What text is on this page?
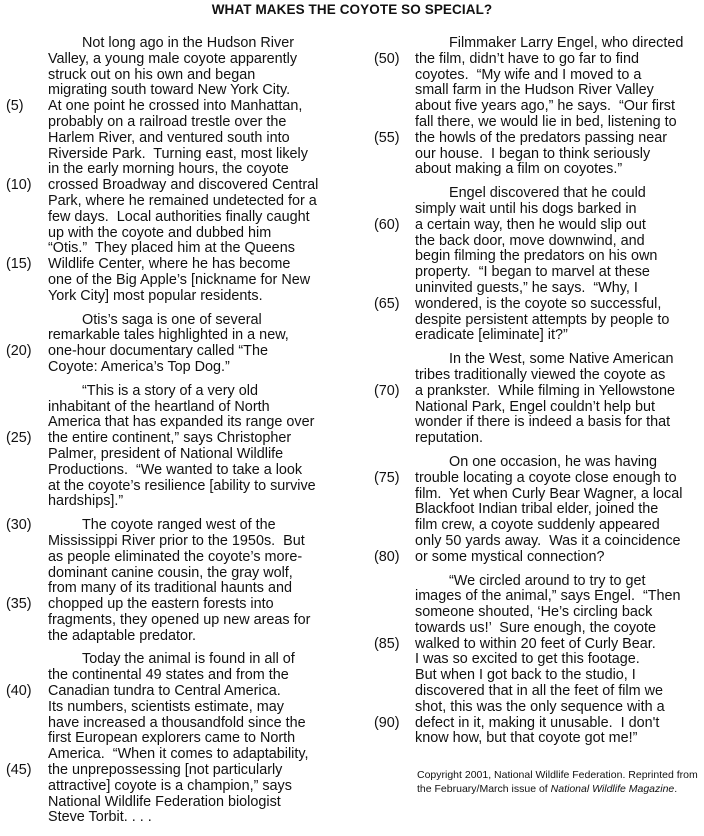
WHAT MAKES THE COYOTE SO SPECIAL?
Not long ago in the Hudson River
Valley, a young male coyote apparently
struck out on his own and began
migrating south toward New York City.
(5) At one point he crossed into Manhattan,
probably on a railroad trestle over the
Harlem River, and ventured south into
Riverside Park.  Turning east, most likely
in the early morning hours, the coyote
(10) crossed Broadway and discovered Central
Park, where he remained undetected for a
few days.  Local authorities finally caught
up with the coyote and dubbed him
“Otis.”  They placed him at the Queens
(15) Wildlife Center, where he has become
one of the Big Apple’s [nickname for New
York City] most popular residents.
Otis’s saga is one of several
remarkable tales highlighted in a new,
(20) one-hour documentary called “The
Coyote: America’s Top Dog.”
“This is a story of a very old
inhabitant of the heartland of North
America that has expanded its range over
(25) the entire continent,” says Christopher
Palmer, president of National Wildlife
Productions.  “We wanted to take a look
at the coyote’s resilience [ability to survive
hardships].”
(30)	The coyote ranged west of the
Mississippi River prior to the 1950s.  But
as people eliminated the coyote’s more-
dominant canine cousin, the gray wolf,
from many of its traditional haunts and
(35) chopped up the eastern forests into
fragments, they opened up new areas for
the adaptable predator.
Today the animal is found in all of
the continental 49 states and from the
(40) Canadian tundra to Central America.
Its numbers, scientists estimate, may
have increased a thousandfold since the
first European explorers came to North
America.  “When it comes to adaptability,
(45) the unprepossessing [not particularly
attractive] coyote is a champion,” says
National Wildlife Federation biologist
Steve Torbit. . . .
Filmmaker Larry Engel, who directed
(50) the film, didn’t have to go far to find
coyotes.  “My wife and I moved to a
small farm in the Hudson River Valley
about five years ago,” he says.  “Our first
fall there, we would lie in bed, listening to
(55) the howls of the predators passing near
our house.  I began to think seriously
about making a film on coyotes.”
Engel discovered that he could
simply wait until his dogs barked in
(60) a certain way, then he would slip out
the back door, move downwind, and
begin filming the predators on his own
property.  “I began to marvel at these
uninvited guests,” he says.  “Why, I
(65) wondered, is the coyote so successful,
despite persistent attempts by people to
eradicate [eliminate] it?”
In the West, some Native American
tribes traditionally viewed the coyote as
(70) a prankster.  While filming in Yellowstone
National Park, Engel couldn’t help but
wonder if there is indeed a basis for that
reputation.
On one occasion, he was having
(75) trouble locating a coyote close enough to
film.  Yet when Curly Bear Wagner, a local
Blackfoot Indian tribal elder, joined the
film crew, a coyote suddenly appeared
only 50 yards away.  Was it a coincidence
(80) or some mystical connection?
“We circled around to try to get
images of the animal,” says Engel.  “Then
someone shouted, ‘He’s circling back
towards us!’  Sure enough, the coyote
(85) walked to within 20 feet of Curly Bear.
I was so excited to get this footage.
But when I got back to the studio, I
discovered that in all the feet of film we
shot, this was the only sequence with a
(90) defect in it, making it unusable.  I don't
know how, but that coyote got me!”
Copyright 2001, National Wildlife Federation. Reprinted from the February/March issue of National Wildlife Magazine.
